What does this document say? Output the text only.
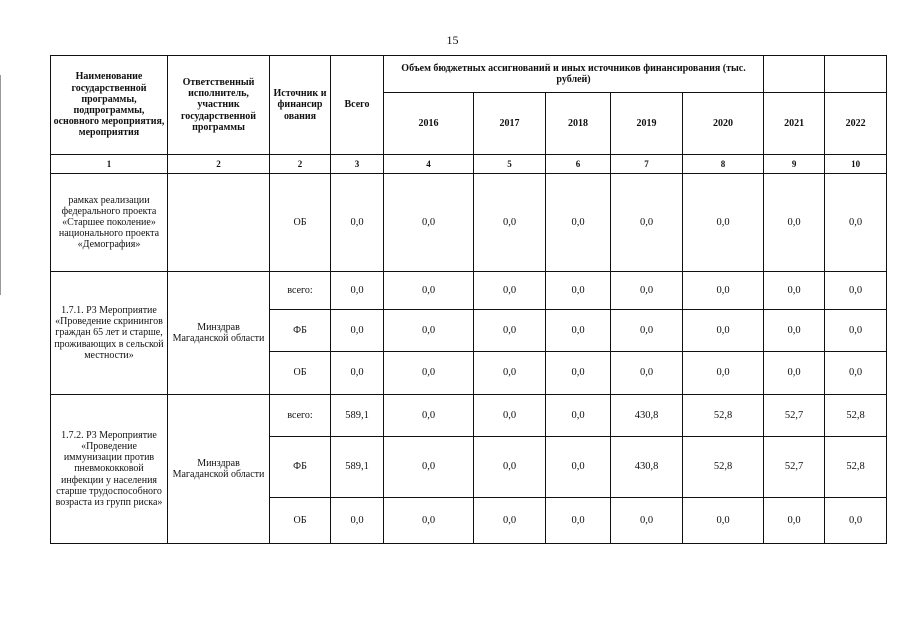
15
Наименование государственной программы, подпрограммы, основного мероприятия, мероприятия	Ответственный исполнитель, участник государственной программы	Источник и финансир ования	Всего	Объем бюджетных ассигнований и иных источников финансирования (тыс. рублей)						
				2016	2017	2018	2019	2020	2021	2022
1	2	2	3	4	5	6	7	8	9	10
рамках реализации федерального проекта «Старшее поколение» национального проекта «Демография»		ОБ	0,0	0,0	0,0	0,0	0,0	0,0	0,0	0,0
1.7.1. Р3 Мероприятие «Проведение скринингов граждан 65 лет и старше, проживающих в сельской местности»	Минздрав Магаданской области	всего:	0,0	0,0	0,0	0,0	0,0	0,0	0,0	0,0
		ФБ	0,0	0,0	0,0	0,0	0,0	0,0	0,0	0,0
		ОБ	0,0	0,0	0,0	0,0	0,0	0,0	0,0	0,0
1.7.2. Р3 Мероприятие «Проведение иммунизации против пневмококковой инфекции у населения старше трудоспособного возраста из групп риска»	Минздрав Магаданской области	всего:	589,1	0,0	0,0	0,0	430,8	52,8	52,7	52,8
		ФБ	589,1	0,0	0,0	0,0	430,8	52,8	52,7	52,8
		ОБ	0,0	0,0	0,0	0,0	0,0	0,0	0,0	0,0
